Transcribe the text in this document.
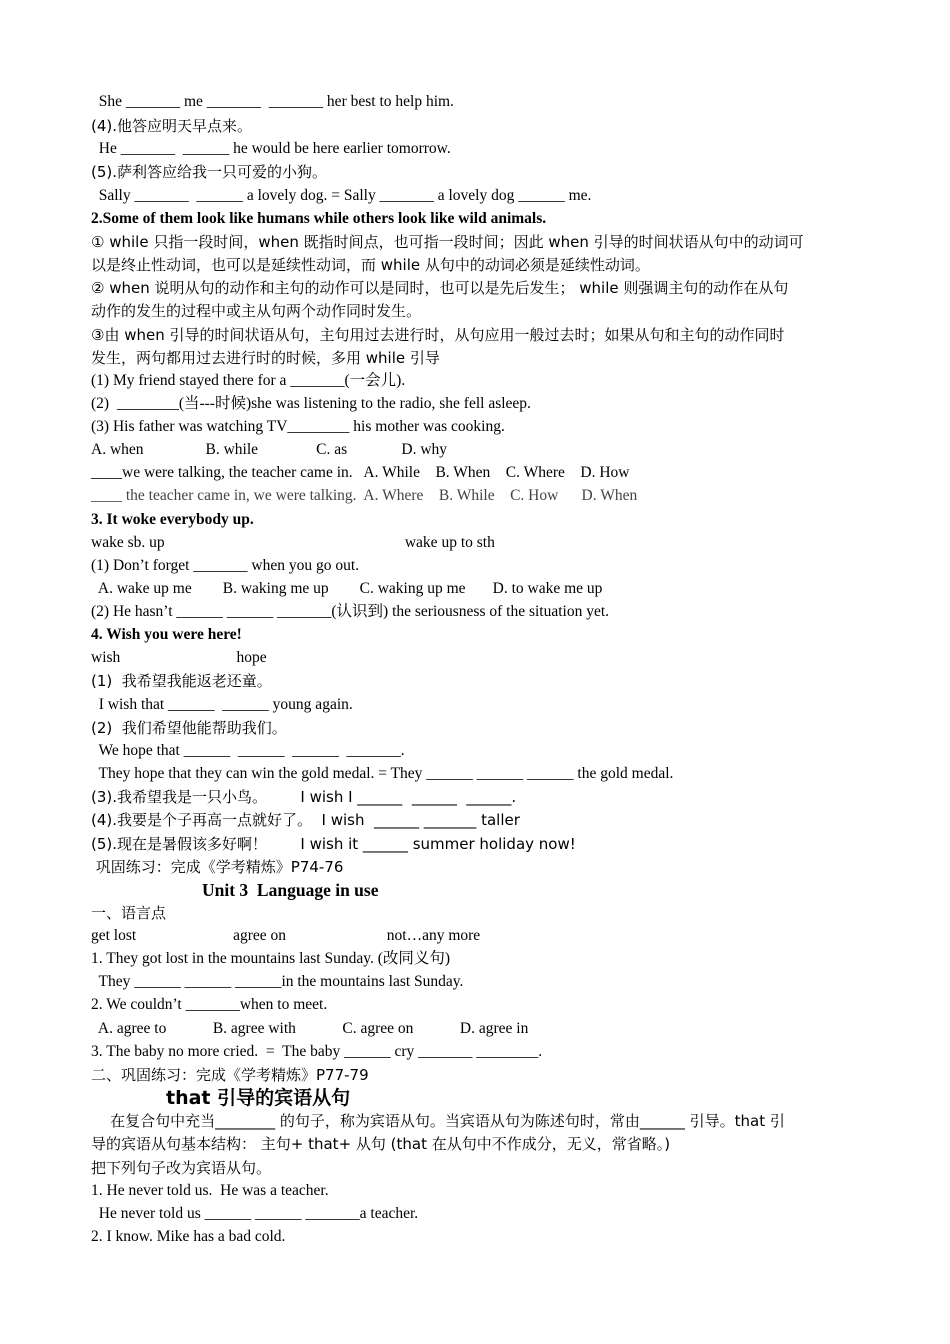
She _______ me _______  _______ her best to help him.
(4).他答应明天早点来。
He _______  ______ he would be here earlier tomorrow.
(5).萨利答应给我一只可爱的小狗。
Sally _______  ______ a lovely dog. = Sally _______ a lovely dog ______ me.
2.Some of them look like humans while others look like wild animals.
① while 只指一段时间，when 既指时间点，也可指一段时间；因此 when 引导的时间状语从句中的动词可
以是终止性动词，也可以是延续性动词，而 while 从句中的动词必须是延续性动词。
② when 说明从句的动作和主句的动作可以是同时，也可以是先后发生； while 则强调主句的动作在从句
动作的发生的过程中或主从句两个动作同时发生。
③由 when 引导的时间状语从句，主句用过去进行时，从句应用一般过去时；如果从句和主句的动作同时
发生，两句都用过去进行时的时候，多用 while 引导
(1) My friend stayed there for a _______(一会儿).
(2)  ________(当---时候)she was listening to the radio, she fell asleep.
(3) His father was watching TV________ his mother was cooking.
A. when                B. while               C. as              D. why
____we were talking, the teacher came in.   A. While    B. When    C. Where    D. How
____ the teacher came in, we were talking.  A. Where    B. While    C. How      D. When
3. It woke everybody up.
wake sb. up                                                              wake up to sth
(1) Don’t forget _______ when you go out.
A. wake up me        B. waking me up        C. waking up me       D. to wake me up
(2) He hasn’t ______ ______ _______(认识到) the seriousness of the situation yet.
4. Wish you were here!
wish                              hope
(1)  我希望我能返老还童。
I wish that ______  ______ young again.
(2)  我们希望他能帮助我们。
We hope that ______  ______  ______  _______.
They hope that they can win the gold medal. = They ______ ______ ______ the gold medal.
(3).我希望我是一只小鸟。       I wish I ______  ______  ______.
(4).我要是个子再高一点就好了。  I wish  ______ _______ taller
(5).现在是暑假该多好啊！       I wish it ______ summer holiday now!
巩固练习：完成《学考精炼》P74-76
Unit 3  Language in use
一、语言点
get lost                         agree on                          not…any more
1. They got lost in the mountains last Sunday. (改同义句)
They ______ ______ ______in the mountains last Sunday.
2. We couldn’t _______when to meet.
A. agree to            B. agree with            C. agree on            D. agree in
3. The baby no more cried.  =  The baby ______ cry _______ ________.
二、巩固练习：完成《学考精炼》P77-79
that 引导的宾语从句
在复合句中充当________ 的句子，称为宾语从句。当宾语从句为陈述句时，常由______ 引导。that 引
导的宾语从句基本结构： 主句+ that+ 从句 (that 在从句中不作成分，无义，常省略。)
把下列句子改为宾语从句。
1. He never told us.  He was a teacher.
He never told us ______ ______ _______a teacher.
2. I know. Mike has a bad cold.
